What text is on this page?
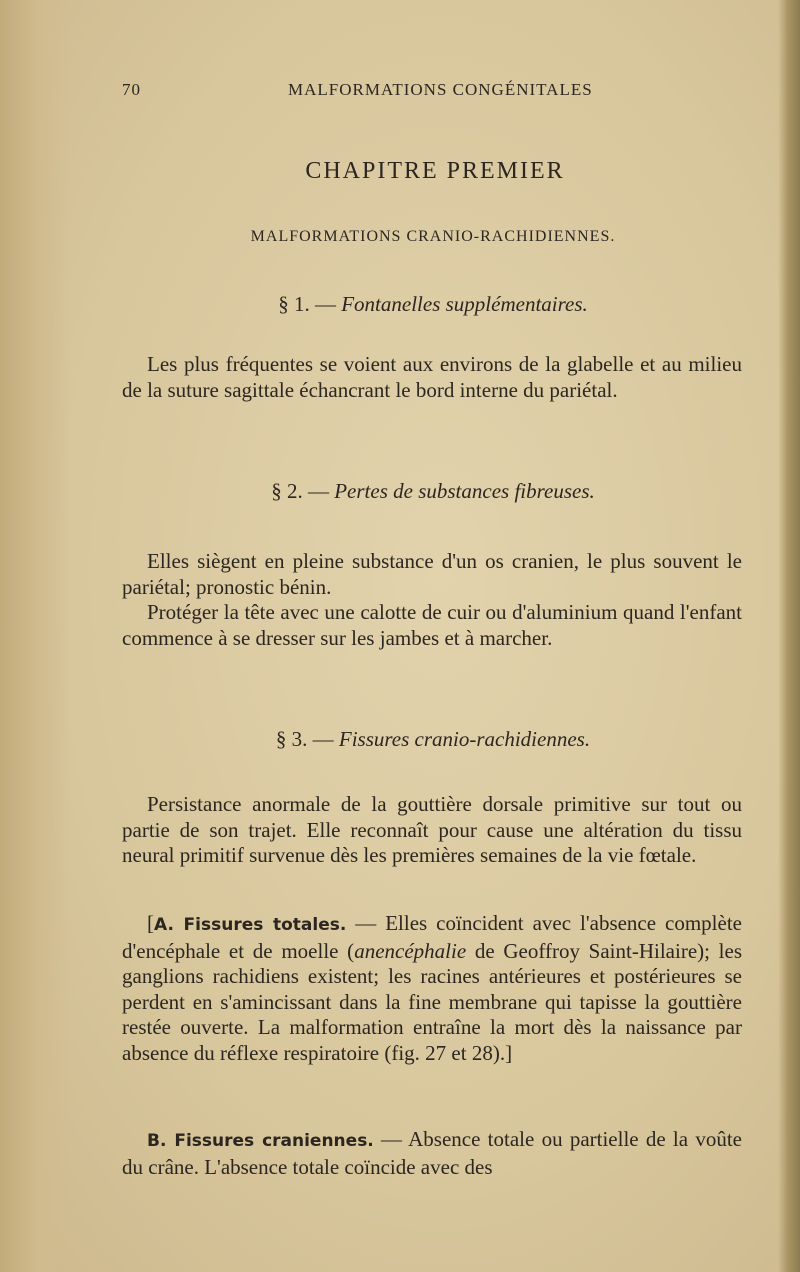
70	MALFORMATIONS CONGÉNITALES
CHAPITRE PREMIER
MALFORMATIONS CRANIO-RACHIDIENNES.
§ 1. — Fontanelles supplémentaires.

Les plus fréquentes se voient aux environs de la glabelle et au milieu de la suture sagittale échancrant le bord interne du pariétal.

§ 2. — Pertes de substances fibreuses.

Elles siègent en pleine substance d'un os cranien, le plus souvent le pariétal; pronostic bénin.

Protéger la tête avec une calotte de cuir ou d'aluminium quand l'enfant commence à se dresser sur les jambes et à marcher.

§ 3. — Fissures cranio-rachidiennes.

Persistance anormale de la gouttière dorsale primitive sur tout ou partie de son trajet. Elle reconnaît pour cause une altération du tissu neural primitif survenue dès les premières semaines de la vie fœtale.

[A. Fissures totales. — Elles coïncident avec l'absence complète d'encéphale et de moelle (anencéphalie de Geoffroy Saint-Hilaire); les ganglions rachidiens existent; les racines antérieures et postérieures se perdent en s'amincissant dans la fine membrane qui tapisse la gouttière restée ouverte. La malformation entraîne la mort dès la naissance par absence du réflexe respiratoire (fig. 27 et 28).]

B. Fissures craniennes. — Absence totale ou partielle de la voûte du crâne. L'absence totale coïncide avec des
